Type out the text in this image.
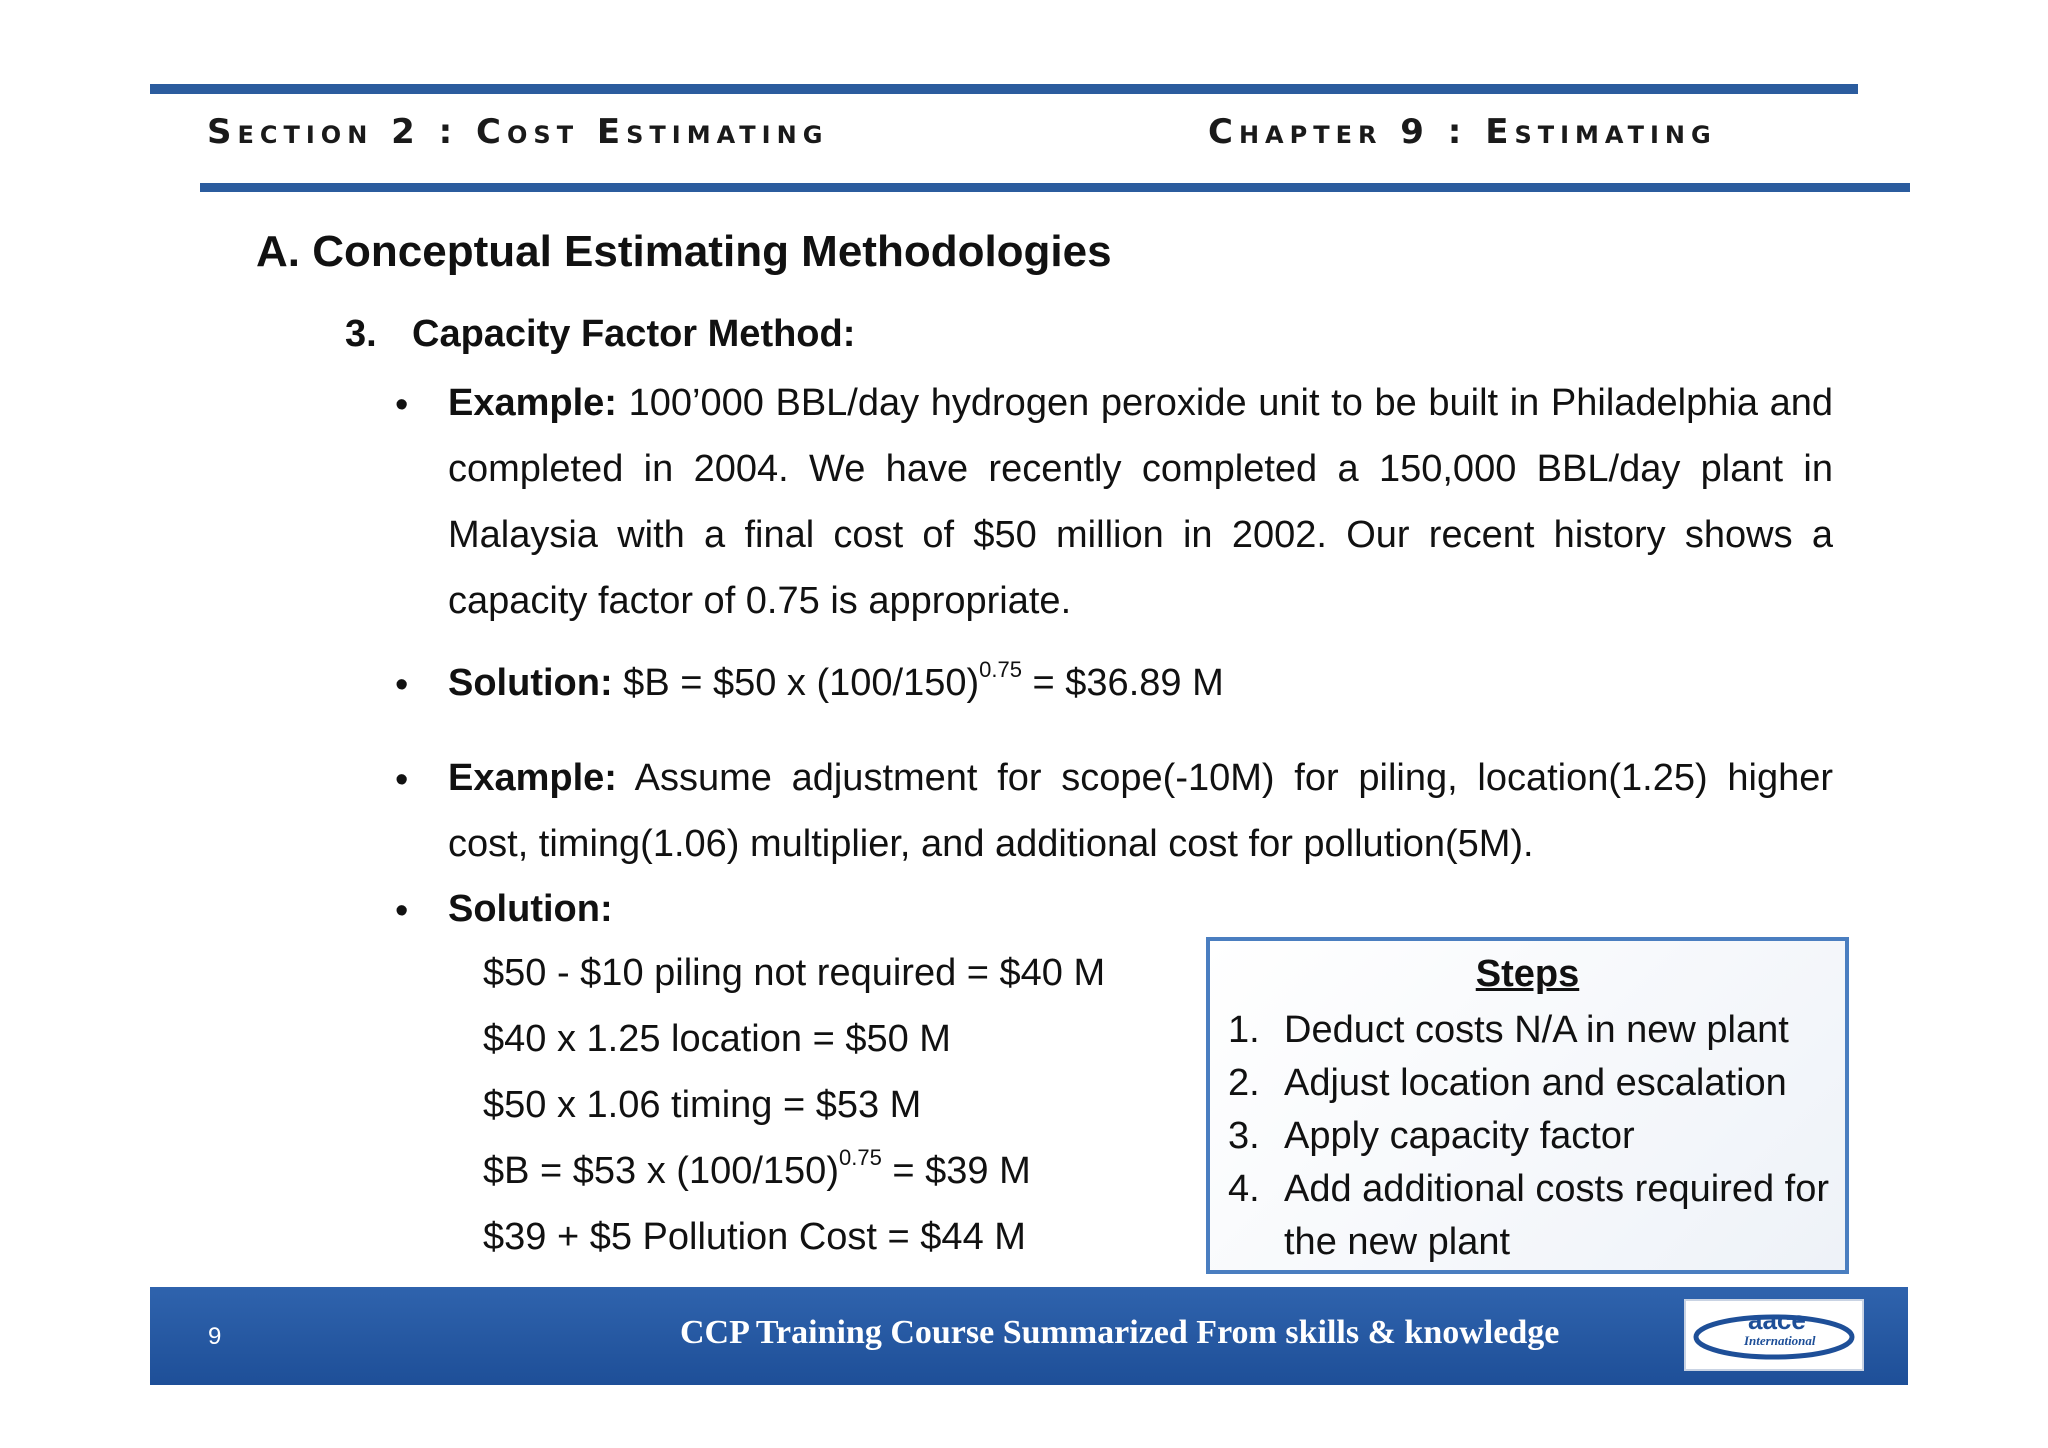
Section 2 : Cost Estimating	Chapter 9 : Estimating
A. Conceptual Estimating Methodologies
3. Capacity Factor Method:
• Example: 100’000 BBL/day hydrogen peroxide unit to be built in Philadelphia and completed in 2004. We have recently completed a 150,000 BBL/day plant in Malaysia with a final cost of $50 million in 2002. Our recent history shows a capacity factor of 0.75 is appropriate.
• Solution: $B = $50 x $(100/150)^{0.75}$ = $36.89 M
• Example: Assume adjustment for scope(-10M) for piling, location(1.25) higher cost, timing(1.06) multiplier, and additional cost for pollution(5M).
• Solution:
$50 - $10 piling not required = $40 M
$40 x 1.25 location = $50 M
$50 x 1.06 timing = $53 M
$B = $53 x $(100/150)^{0.75}$ = $39 M
$39 + $5 Pollution Cost = $44 M
Steps
1. Deduct costs N/A in new plant
2. Adjust location and escalation
3. Apply capacity factor
4. Add additional costs required for the new plant
9	CCP Training Course Summarized From skills & knowledge	aace
International
